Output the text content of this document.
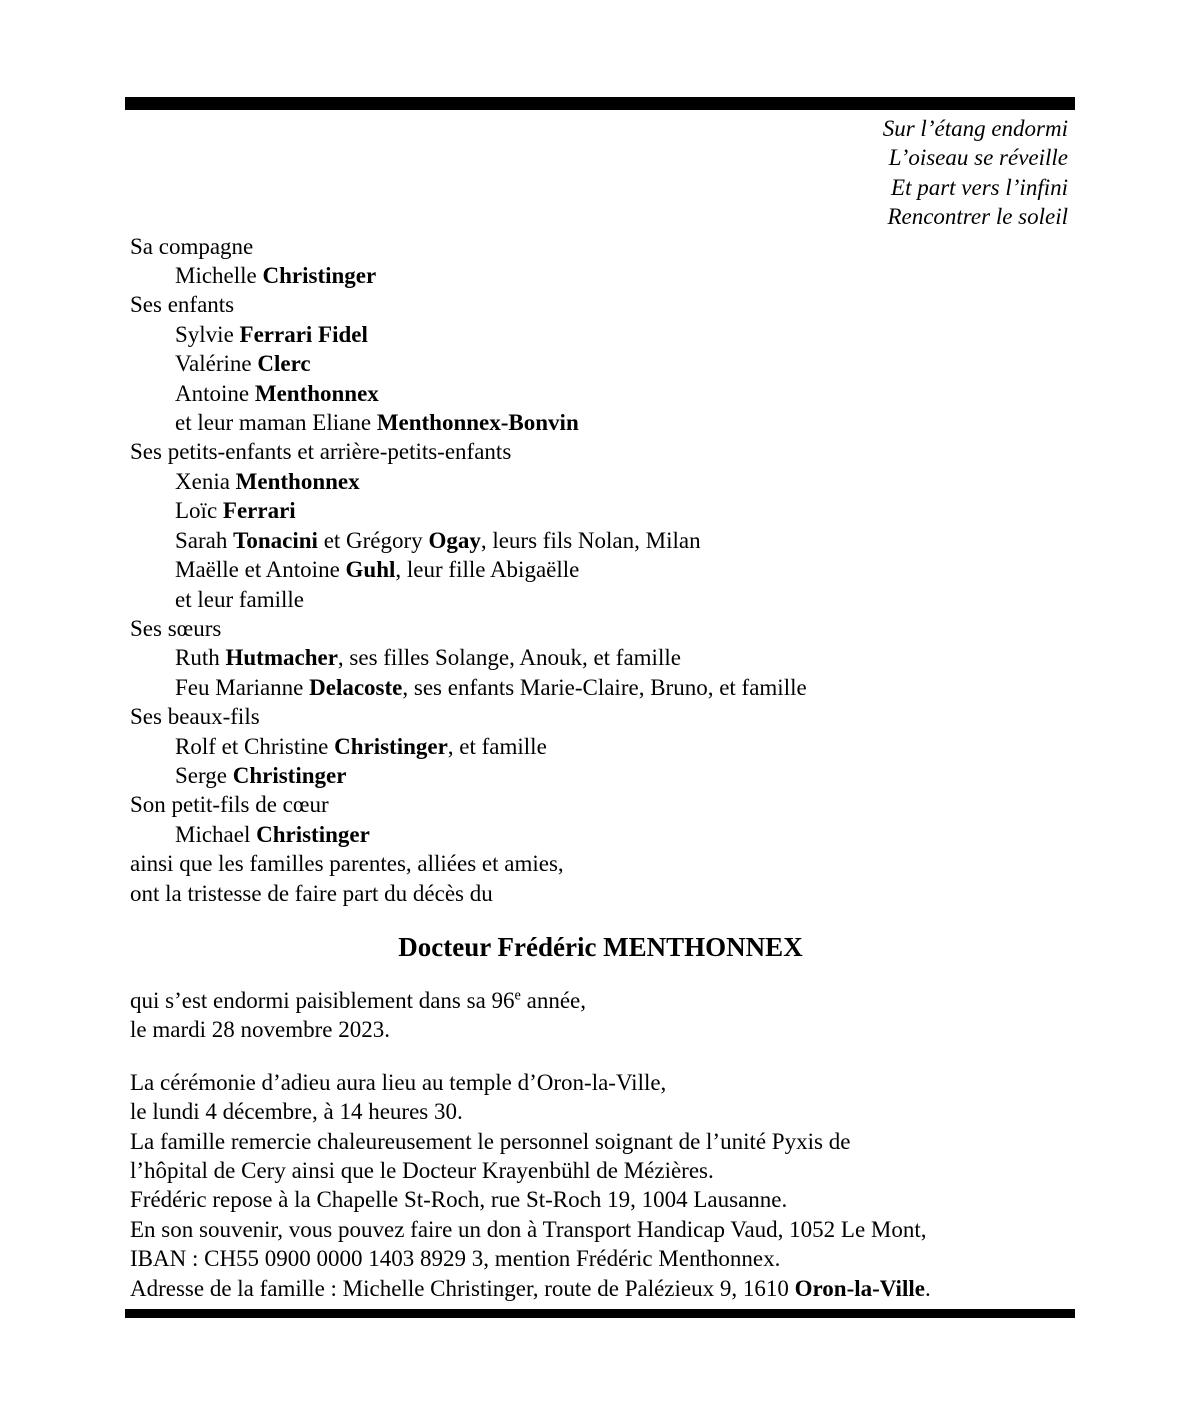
Sur l’étang endormi
L’oiseau se réveille
Et part vers l’infini
Rencontrer le soleil
Sa compagne
Michelle Christinger
Ses enfants
Sylvie Ferrari Fidel
Valérine Clerc
Antoine Menthonnex
et leur maman Eliane Menthonnex-Bonvin
Ses petits-enfants et arrière-petits-enfants
Xenia Menthonnex
Loïc Ferrari
Sarah Tonacini et Grégory Ogay, leurs fils Nolan, Milan
Maëlle et Antoine Guhl, leur fille Abigaëlle
et leur famille
Ses sœurs
Ruth Hutmacher, ses filles Solange, Anouk, et famille
Feu Marianne Delacoste, ses enfants Marie-Claire, Bruno, et famille
Ses beaux-fils
Rolf et Christine Christinger, et famille
Serge Christinger
Son petit-fils de cœur
Michael Christinger
ainsi que les familles parentes, alliées et amies,
ont la tristesse de faire part du décès du
Docteur Frédéric MENTHONNEX
qui s’est endormi paisiblement dans sa 96e année,
le mardi 28 novembre 2023.
La cérémonie d’adieu aura lieu au temple d’Oron-la-Ville,
le lundi 4 décembre, à 14 heures 30.
La famille remercie chaleureusement le personnel soignant de l’unité Pyxis de
l’hôpital de Cery ainsi que le Docteur Krayenbühl de Mézières.
Frédéric repose à la Chapelle St-Roch, rue St-Roch 19, 1004 Lausanne.
En son souvenir, vous pouvez faire un don à Transport Handicap Vaud, 1052 Le Mont,
IBAN : CH55 0900 0000 1403 8929 3, mention Frédéric Menthonnex.
Adresse de la famille : Michelle Christinger, route de Palézieux 9, 1610 Oron-la-Ville.
